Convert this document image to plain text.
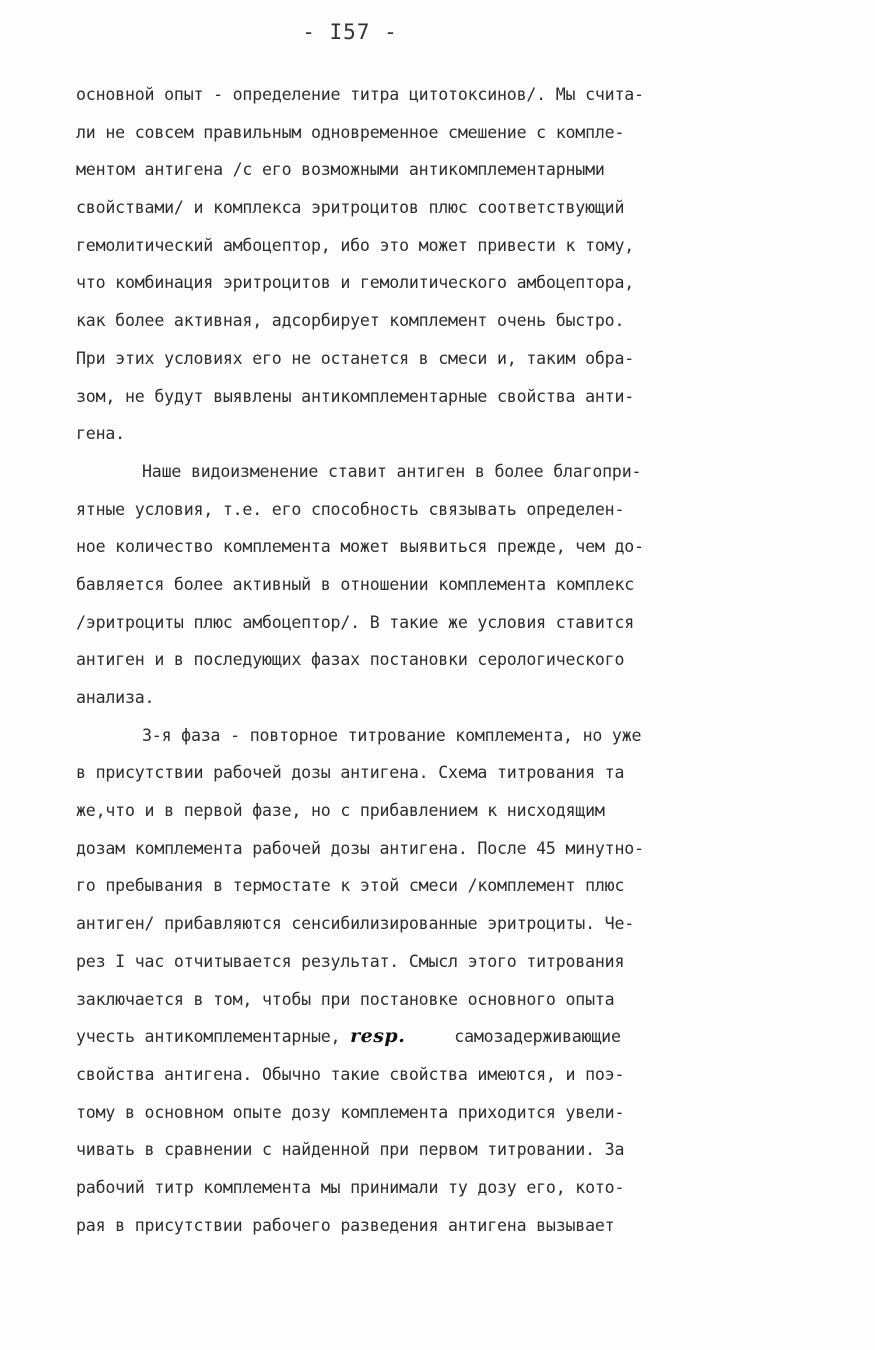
- I57 -
основной опыт - определение титра цитотоксинов/. Мы счита-
ли не совсем правильным одновременное смешение с компле-
ментом антигена /с его возможными антикомплементарными
свойствами/ и комплекса эритроцитов плюс соответствующий
гемолитический амбоцептор, ибо это может привести к тому,
что комбинация эритроцитов и гемолитического амбоцептора,
как более активная, адсорбирует комплемент очень быстро.
При этих условиях его не останется в смеси и, таким обра-
зом, не будут выявлены антикомплементарные свойства анти-
гена.
Наше видоизменение ставит антиген в более благопри-
ятные условия, т.е. его способность связывать определен-
ное количество комплемента может выявиться прежде, чем до-
бавляется более активный в отношении комплемента комплекс
/эритроциты плюс амбоцептор/. В такие же условия ставится
антиген и в последующих фазах постановки серологического
анализа.
3-я фаза - повторное титрование комплемента, но уже
в присутствии рабочей дозы антигена. Схема титрования та
же,что и в первой фазе, но с прибавлением к нисходящим
дозам комплемента рабочей дозы антигена. После 45 минутно-
го пребывания в термостате к этой смеси /комплемент плюс
антиген/ прибавляются сенсибилизированные эритроциты. Че-
рез I час отчитывается результат. Смысл этого титрования
заключается в том, чтобы при постановке основного опыта
учесть антикомплементарные, resp.	самозадерживающие
свойства антигена. Обычно такие свойства имеются, и поэ-
тому в основном опыте дозу комплемента приходится увели-
чивать в сравнении с найденной при первом титровании. За
рабочий титр комплемента мы принимали ту дозу его, кото-
рая в присутствии рабочего разведения антигена вызывает
